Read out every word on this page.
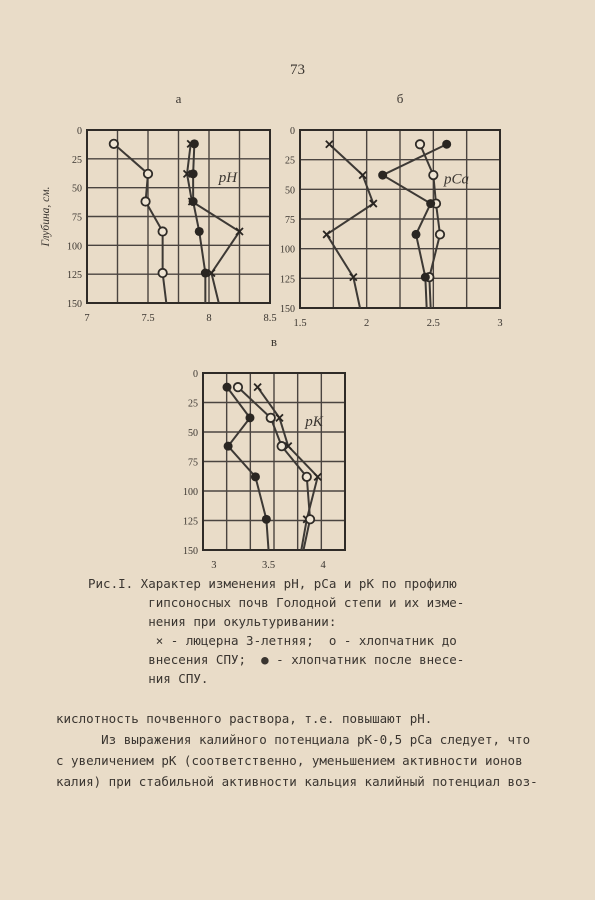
73
а
0
25
50
75
100
125
150
7	7.5	8	8.5
Глубина, см.
pH
б
0
25
50
75
100
125
150
1.5	2	2.5	3
pCa
в
0
25
50
75
100
125
150
3	3.5	4
pK
Рис.I. Характер изменения рН, рСа и рК по профилю
гипсоносных почв Голодной степи и их изме-
нения при окультуривании:
× - люцерна 3-летняя;  о - хлопчатник до
внесения СПУ;  ● - хлопчатник после внесе-
ния СПУ.
кислотность почвенного раствора, т.е. повышают рН.
Из выражения калийного потенциала рК-0,5 рСа следует, что
с увеличением рК (соответственно, уменьшением активности ионов
калия) при стабильной активности кальция калийный потенциал воз-
